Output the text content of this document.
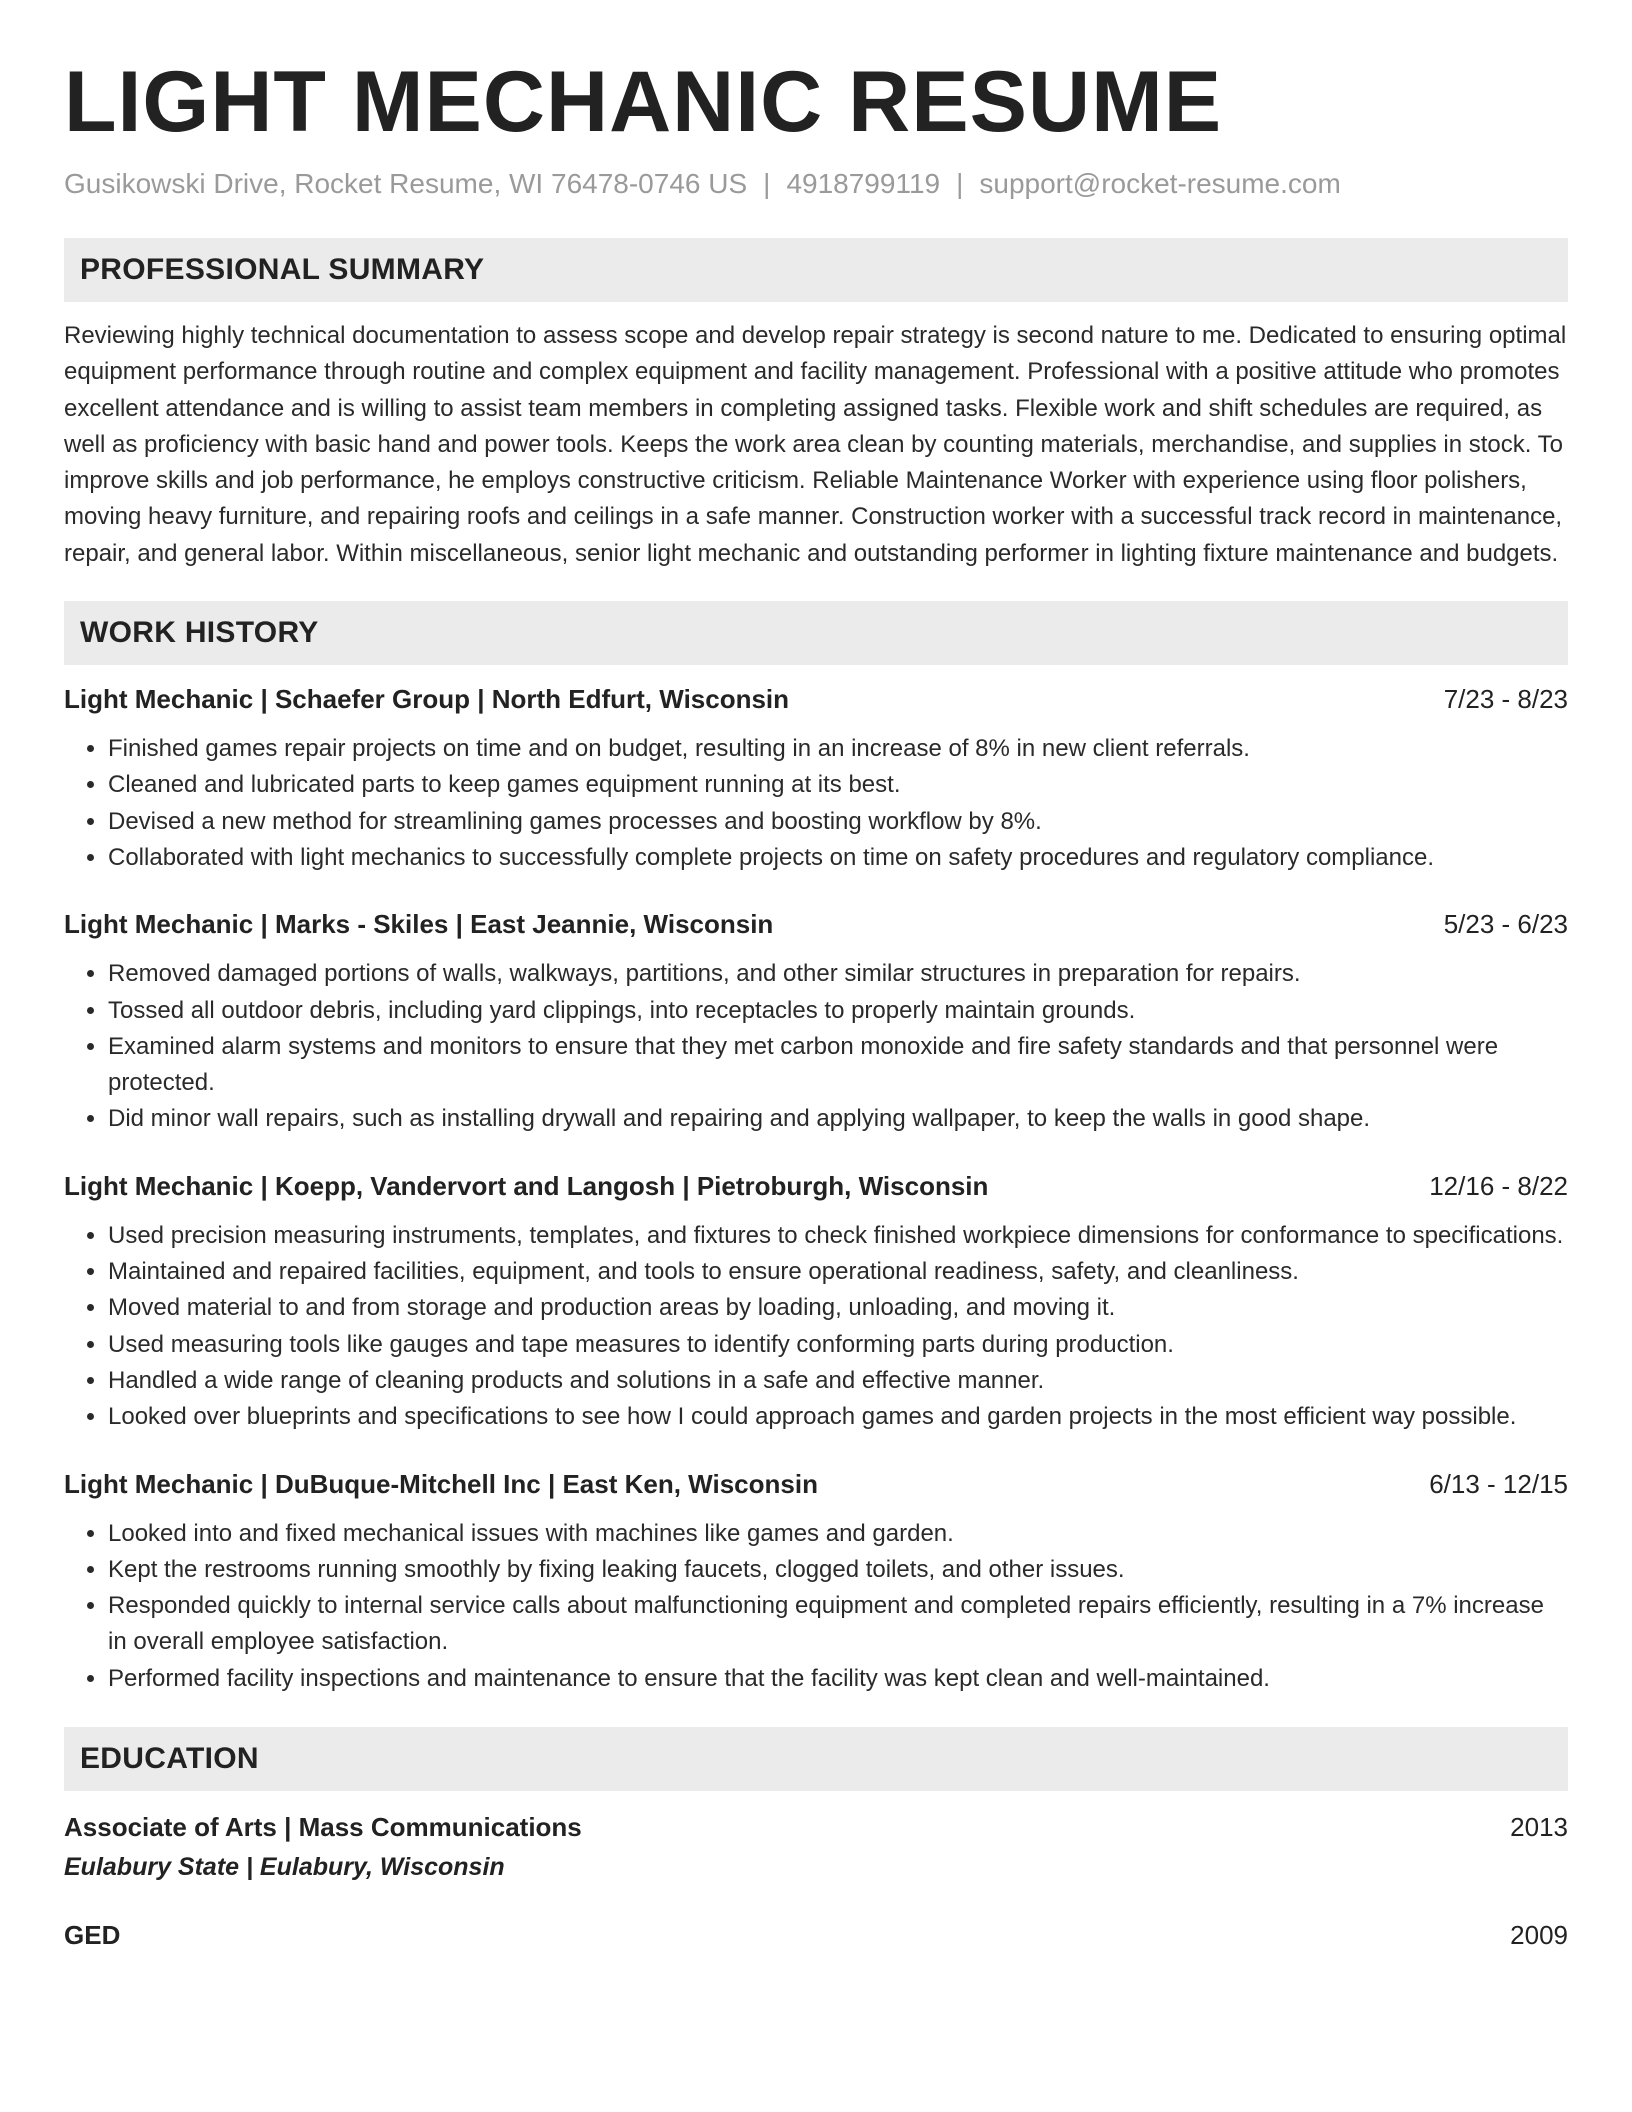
LIGHT MECHANIC RESUME
Gusikowski Drive, Rocket Resume, WI 76478-0746 US | 4918799119 | support@rocket-resume.com
PROFESSIONAL SUMMARY
Reviewing highly technical documentation to assess scope and develop repair strategy is second nature to me. Dedicated to ensuring optimal equipment performance through routine and complex equipment and facility management. Professional with a positive attitude who promotes excellent attendance and is willing to assist team members in completing assigned tasks. Flexible work and shift schedules are required, as well as proficiency with basic hand and power tools. Keeps the work area clean by counting materials, merchandise, and supplies in stock. To improve skills and job performance, he employs constructive criticism. Reliable Maintenance Worker with experience using floor polishers, moving heavy furniture, and repairing roofs and ceilings in a safe manner. Construction worker with a successful track record in maintenance, repair, and general labor. Within miscellaneous, senior light mechanic and outstanding performer in lighting fixture maintenance and budgets.
WORK HISTORY
Light Mechanic | Schaefer Group | North Edfurt, Wisconsin	7/23 - 8/23
• Finished games repair projects on time and on budget, resulting in an increase of 8% in new client referrals.
• Cleaned and lubricated parts to keep games equipment running at its best.
• Devised a new method for streamlining games processes and boosting workflow by 8%.
• Collaborated with light mechanics to successfully complete projects on time on safety procedures and regulatory compliance.
Light Mechanic | Marks - Skiles | East Jeannie, Wisconsin	5/23 - 6/23
• Removed damaged portions of walls, walkways, partitions, and other similar structures in preparation for repairs.
• Tossed all outdoor debris, including yard clippings, into receptacles to properly maintain grounds.
• Examined alarm systems and monitors to ensure that they met carbon monoxide and fire safety standards and that personnel were protected.
• Did minor wall repairs, such as installing drywall and repairing and applying wallpaper, to keep the walls in good shape.
Light Mechanic | Koepp, Vandervort and Langosh | Pietroburgh, Wisconsin	12/16 - 8/22
• Used precision measuring instruments, templates, and fixtures to check finished workpiece dimensions for conformance to specifications.
• Maintained and repaired facilities, equipment, and tools to ensure operational readiness, safety, and cleanliness.
• Moved material to and from storage and production areas by loading, unloading, and moving it.
• Used measuring tools like gauges and tape measures to identify conforming parts during production.
• Handled a wide range of cleaning products and solutions in a safe and effective manner.
• Looked over blueprints and specifications to see how I could approach games and garden projects in the most efficient way possible.
Light Mechanic | DuBuque-Mitchell Inc | East Ken, Wisconsin	6/13 - 12/15
• Looked into and fixed mechanical issues with machines like games and garden.
• Kept the restrooms running smoothly by fixing leaking faucets, clogged toilets, and other issues.
• Responded quickly to internal service calls about malfunctioning equipment and completed repairs efficiently, resulting in a 7% increase in overall employee satisfaction.
• Performed facility inspections and maintenance to ensure that the facility was kept clean and well-maintained.
EDUCATION
Associate of Arts | Mass Communications	2013
Eulabury State | Eulabury, Wisconsin
GED	2009
